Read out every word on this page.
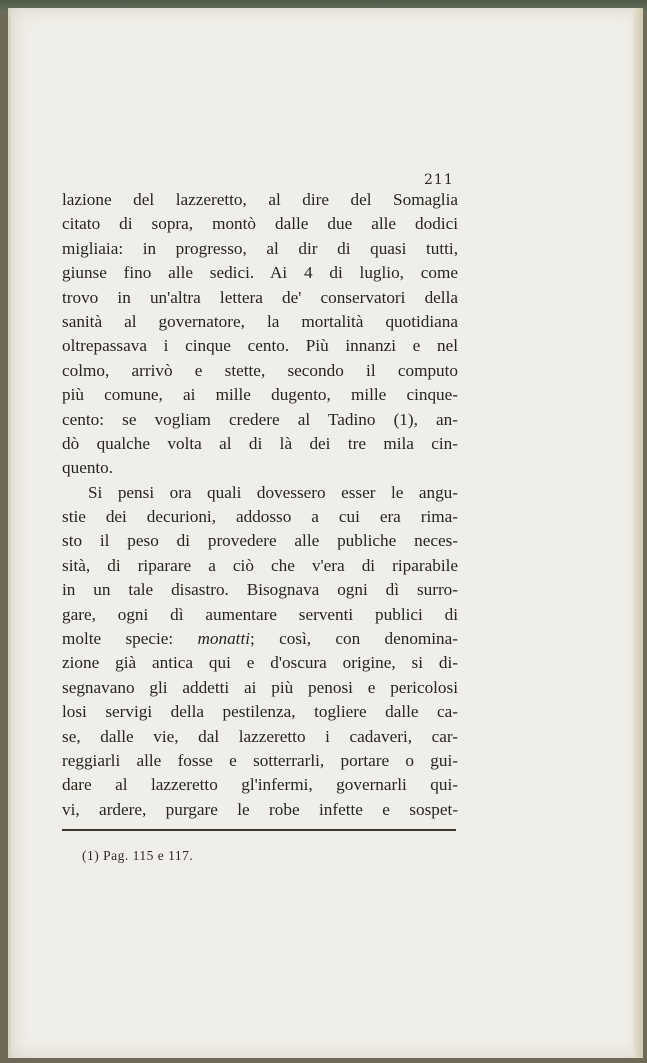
211
lazione del lazzeretto, al dire del Somaglia
citato di sopra, montò dalle due alle dodici
migliaia: in progresso, al dir di quasi tutti,
giunse fino alle sedici. Ai 4 di luglio, come
trovo in un'altra lettera de' conservatori della
sanità al governatore, la mortalità quotidiana
oltrepassava i cinque cento. Più innanzi e nel
colmo, arrivò e stette, secondo il computo
più comune, ai mille dugento, mille cinque-
cento: se vogliam credere al Tadino (1), an-
dò qualche volta al di là dei tre mila cin-
quento.
Si pensi ora quali dovessero esser le angu-
stie dei decurioni, addosso a cui era rima-
sto il peso di provedere alle publiche neces-
sità, di riparare a ciò che v'era di riparabile
in un tale disastro. Bisognava ogni dì surro-
gare, ogni dì aumentare serventi publici di
molte specie: monatti; così, con denomina-
zione già antica qui e d'oscura origine, si di-
segnavano gli addetti ai più penosi e pericolosi
losi servigi della pestilenza, togliere dalle ca-
se, dalle vie, dal lazzeretto i cadaveri, car-
reggiarli alle fosse e sotterrarli, portare o gui-
dare al lazzeretto gl'infermi, governarli qui-
vi, ardere, purgare le robe infette e sospet-
(1) Pag. 115 e 117.
